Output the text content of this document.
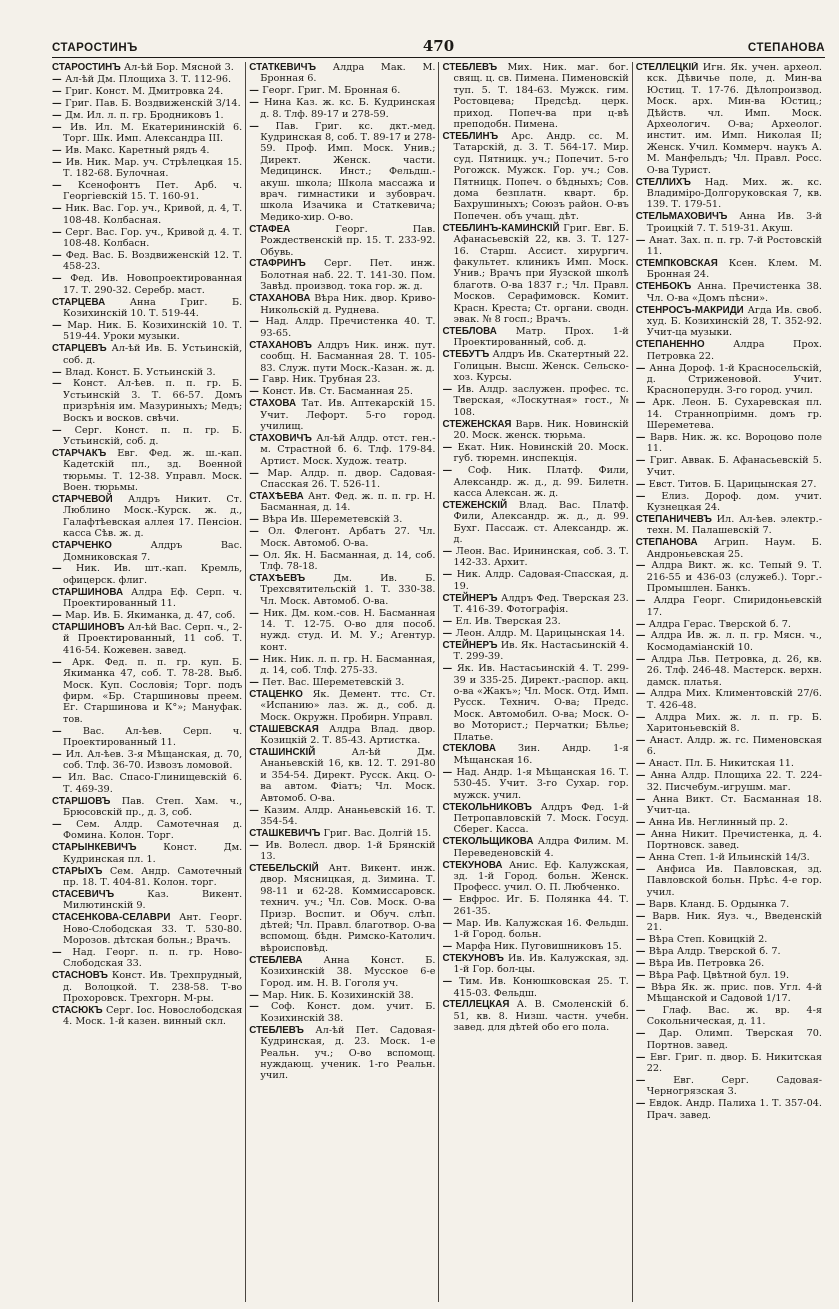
СТАРОСТИНЪ	470	СТЕПАНОВА

СТАРОСТИНЪ Ал-ѣй Бор. Мясной 3.

— Ал-ѣй Дм. Площиха 3. Т. 112-96.

— Григ. Конст. М. Дмитровка 24.

— Григ. Пав. Б. Воздвиженскій 3/14.

— Дм. Ил. л. п. гр. Бродниковъ 1.

— Ив. Ил. М. Екатерининскій 6. Торг. Шк. Имп. Александра III.

— Ив. Макс. Каретный рядъ 4.

— Ив. Ник. Мар. уч. Стрѣлецкая 15. Т. 182-68. Булочная.

— Ксенофонтъ Пет. Арб. ч. Георгіевскій 15. Т. 160-91.

— Ник. Вас. Гор. уч., Кривой, д. 4, Т. 108-48. Колбасная.

— Серг. Вас. Гор. уч., Кривой д. 4. Т. 108-48. Колбасн.

— Фед. Вас. Б. Воздвиженскій 12. Т. 458-23.

— Фед. Ив. Новопроектированная 17. Т. 290-32. Серебр. маст.

СТАРЦЕВА	Анна Григ. Б. Козихинскій 10. Т. 519-44.

— Мар. Ник. Б. Козихинскій 10. Т. 519-44. Уроки музыки.

СТАРЦЕВЪ Ал-ѣй Ив. Б. Устьинскій, соб. д.

— Влад. Конст. Б. Устьинскій 3.

— Конст. Ал-ѣев. п. п. гр. Б. Устьинскій 3. Т. 66-57. Домъ призрѣнія им. Мазуриныхъ; Медъ; Воскъ и восков. свѣчи.

— Серг. Конст. п. п. гр. Б. Устьинскій, соб. д.

СТАРЧАКЪ Евг. Фед. ж. ш.-кап. Кадетскій пл., зд. Военной тюрьмы. Т. 12-38. Управл. Моск. Воен. тюрьмы.

СТАРЧЕВОЙ Алдръ Никит. Ст. Люблино Моск.-Курск. ж. д., Галафтѣевская аллея 17. Пенсіон. касса Сѣв. ж. д.

СТАРЧЕНКО	Алдръ Вас. Домниковская 7.

— Ник. Ив. шт.-кап. Кремль, офицерск. флиг.

СТАРШИНОВА Алдра Еф. Серп. ч. Проектированный 11.

— Мар. Ив. Б. Якиманка, д. 47, соб.

СТАРШИНОВЪ Ал-ѣй Вас. Серп. ч., 2-й Проектированный, 11 соб. Т. 416-54. Кожевен. завед.

— Арк. Фед. п. п. гр. куп. Б. Якиманка 47, соб. Т. 78-28. Выб. Моск. Куп. Сословія; Торг. подъ фирм. «Бр. Старшиновы преем. Ег. Старшинова и К°»; Мануфак. тов.

— Вас. Ал-ѣев. Серп. ч. Проектированный 11.

— Ил. Ал-ѣев. 3-я Мѣщанская, д. 70, соб. Тлф. 36-70. Извозъ ломовой.

— Ил. Вас. Спасо-Глинищевскій 6. Т. 469-39.

СТАРШОВЪ Пав. Степ. Хам. ч., Брюсовскій пр., д. 3, соб.

— Сем. Алдр. Самотечная д. Фомина. Колон. Торг.

СТАРЫНКЕВИЧЪ	Конст. Дм. Кудринская пл. 1.

СТАРЫХЪ Сем. Андр. Самотечный пр. 18. Т. 404-81. Колон. торг.

СТАСЕВИЧЪ	Каз. Викент. Милютинскій 9.

СТАСЕНКОВА-СЕЛАВРИ Ант. Георг. Ново-Слободская 33. Т. 530-80. Морозов. дѣтская больн.; Врачъ.

— Над. Георг. п. п. гр. Ново-Слободская 33.

СТАСНОВЪ Конст. Ив. Трехпрудный, д. Волоцкой. Т. 238-58. Т-во Прохоровск. Трехгорн. М-ры.

СТАСЮКЪ Серг. Іос. Новослободская 4. Моск. 1-й казен. винный скл.

СТАТКЕВИЧЪ Алдра Мак. М. Бронная 6.

— Георг. Григ. М. Бронная 6.

— Нина Каз. ж. кс. Б. Кудринская д. 8. Тлф. 89-17 и 278-59.

— Пав. Григ. кс. дкт.-мед. Кудринская 8, соб. Т. 89-17 и 278-59. Проф. Имп. Моск. Унив.; Директ. Женск. части. Медицинск. Инст.; Фельдш.-акуш. школа; Школа массажа и врач. гимнастики и зубоврач. школа Изачика и Статкевича; Медико-хир. О-во.

СТАФЕА	Георг. Пав. Рождественскій пр. 15. Т. 233-92. Обувь.

СТАФРИНЪ Серг. Пет. инж. Болотная наб. 22. Т. 141-30. Пом. Завѣд. производ. тока гор. ж. д.

СТАХАНОВА Вѣра Ник. двор. Криво-Никольскій д. Руднева.

— Над. Алдр. Пречистенка 40. Т. 93-65.

СТАХАНОВЪ Алдръ Ник. инж. пут. сообщ. Н. Басманная 28. Т. 105-83. Служ. пути Моск.-Казан. ж. д.

— Гавр. Ник. Трубная 23.

— Конст. Ив. Ст. Басманная 25.

СТАХОВА Тат. Ив. Аптекарскій 15. Учит. Лефорт. 5-го город. училищ.

СТАХОВИЧЪ Ал-ѣй Алдр. отст. ген.-м. Страстной б. 6. Тлф. 179-84. Артист. Моск. Худож. театр.

— Мар. Алдр. п. двор. Садовая-Спасская 26. Т. 526-11.

СТАХѢЕВА Ант. Фед. ж. п. п. гр. Н. Басманная, д. 14.

— Вѣра Ив. Шереметевскій 3.

— Ол. Флегонт. Арбатъ 27. Чл. Моск. Автомоб. О-ва.

— Ол. Як. Н. Басманная, д. 14, соб. Тлф. 78-18.

СТАХѢЕВЪ	Дм. Ив. Б. Трехсвятительскій 1. Т. 330-38. Чл. Моск. Автомоб. О-ва.

— Ник. Дм. ком.-сов. Н. Басманная 14. Т. 12-75. О-во для пособ. нужд. студ. И. М. У.; Агентур. конт.

— Ник. Ник. л. п. гр. Н. Басманная, д. 14, соб. Тлф. 275-33.

— Пет. Вас. Шереметевскій 3.

СТАЦЕНКО Як. Демент. ттс. Ст. «Испанию» лаз. ж. д., соб. д. Моск. Окружн. Пробирн. Управл.

СТАШЕВСКАЯ Алдра Влад. двор. Козицкій 2. Т. 85-43. Артистка.

СТАШИНСКІЙ	Ал-ѣй Дм. Ананьевскій 16, кв. 12. Т. 291-80 и 354-54. Директ. Русск. Акц. О-ва автом. Фіатъ; Чл. Моск. Автомоб. О-ва.

— Казим. Алдр. Ананьевскій 16. Т. 354-54.

СТАШКЕВИЧЪ Григ. Вас. Долгій 15.

— Ив. Волесл. двор. 1-й Брянскій 13.

СТЕБЕЛЬСКІЙ Ант. Викент. инж. двор. Мясницкая, д. Зимина. Т. 98-11 и 62-28. Коммиссаровск. технич. уч.; Чл. Сов. Моск. О-ва Призр. Воспит. и Обуч. слѣп. дѣтей; Чл. Правл. благотвор. О-ва вспомощ. бѣдн. Римско-Католич. вѣроисповѣд.

СТЕБЛЕВА Анна Конст. Б. Козихинскій 38. Мусское 6-е Город. им. Н. В. Гоголя уч.

— Мар. Ник. Б. Козихинскій 38.

— Соф. Конст. дом. учит. Б. Козихинскій 38.

СТЕБЛЕВЪ Ал-ѣй Пет. Садовая-Кудринская, д. 23. Моск. 1-е Реальн. уч.; О-во вспомощ. нуждающ. ученик. 1-го Реальн. учил.

СТЕБЛЕВЪ Мих. Ник. маг. бог. свящ. ц. св. Пимена. Пименовскій туп. 5. Т. 184-63. Мужск. гим. Ростовцева; Предсѣд. церк. приход. Попеч-ва при ц-вѣ преподобн. Пимена.

СТЕБЛИНЪ Арс. Андр. сс. М. Татарскій, д. 3. Т. 564-17. Мир. суд. Пятницк. уч.; Попечит. 5-го Рогожск. Мужск. Гор. уч.; Сов. Пятницк. Попеч. о бѣдныхъ; Сов. дома безплатн. кварт. бр. Бахрушиныхъ; Союзъ район. О-въ Попечен. объ учащ. дѣт.

СТЕБЛИНЪ-КАМИНСКІЙ Григ. Евг. Б. Афанасьевскій 22, кв. 3. Т. 127-16. Старш. Ассист. хирургич. факультет. клиникъ Имп. Моск. Унив.; Врачъ при Яузской школѣ благотв. О-ва 1837 г.; Чл. Правл. Москов. Серафимовск. Комит. Красн. Креста; Ст. органи. сводн. эвак. № 8 госп.; Врачъ.

СТЕБЛОВА Матр. Прох. 1-й Проектированный, соб. д.

СТЕБУТЪ Алдръ Ив. Скатертный 22. Голицын. Высш. Женск. Сельско-хоз. Курсы.

— Ив. Алдр. заслужен. профес. тс. Тверская, «Лоскутная» гост., № 108.

СТЕЖЕНСКАЯ Варв. Ник. Новинскій 20. Моск. женск. тюрьма.

— Екат. Ник. Новинскій 20. Моск. губ. тюремн. инспекція.

— Соф. Ник. Платф. Фили, Александр. ж. д., д. 99. Билетн. касса Алексан. ж. д.

СТЕЖЕНСКІЙ Влад. Вас. Платф. Фили, Александр. ж. д., д. 99. Бухг. Пассаж. ст. Александр. ж. д.

— Леон. Вас. Ирининская, соб. 3. Т. 142-33. Архит.

— Ник. Алдр. Садовая-Спасская, д. 19.

СТЕЙНЕРЪ Алдръ Фед. Тверская 23. Т. 416-39. Фотографія.

— Ел. Ив. Тверская 23.

— Леон. Алдр. М. Царицынская 14.

СТЕЙНЕРЪ Ив. Як. Настасьинскій 4. Т. 299-39.

— Як. Ив. Настасьинскій 4. Т. 299-39 и 335-25. Директ.-распор. акц. о-ва «Жакъ»; Чл. Моск. Отд. Имп. Русск. Технич. О-ва; Предс. Моск. Автомобил. О-ва; Моск. О-во Моторист.; Перчатки; Бѣлье; Платье.

СТЕКЛОВА Зин. Андр. 1-я Мѣщанская 16.

— Над. Андр. 1-я Мѣщанская 16. Т. 530-45. Учит. 3-го Сухар. гор. мужск. учил.

СТЕКОЛЬНИКОВЪ Алдръ Фед. 1-й Петропавловскій 7. Моск. Госуд. Сберег. Касса.

СТЕКОЛЬЩИКОВА Алдра Филим. М. Переведеновскій 4.

СТЕКУНОВА Анис. Еф. Калужская, зд. 1-й Город. больн. Женск. Професс. учил. О. П. Любченко.

— Евфрос. Иг. Б. Полянка 44. Т. 261-35.

— Мар. Ив. Калужская 16. Фельдш. 1-й Город. больн.

— Марфа Ник. Пуговишниковъ 15.

СТЕКУНОВЪ Ив. Ив. Калужская, зд. 1-й Гор. бол-цы.

— Тим. Ив. Конюшковская 25. Т. 415-03. Фельдш.

СТЕЛЛЕЦКАЯ А. В. Смоленскій б. 51, кв. 8. Низш. частн. учебн. завед. для дѣтей обо его пола.

СТЕЛЛЕЦКІЙ Игн. Як. учен. археол. кск. Дѣвичье поле, д. Мин-ва Юстиц. Т. 17-76. Дѣлопроизвод. Моск. арх. Мин-ва Юстиц.; Дѣйств. чл. Имп. Моск. Археологич. О-ва; Археолог. инстит. им. Имп. Николая II; Женск. Учил. Коммерч. наукъ А. М. Манфельдъ; Чл. Правл. Росс. О-ва Турист.

СТЕЛЛИХЪ Над. Мих. ж. кс. Владиміро-Долгоруковская 7, кв. 139. Т. 179-51.

СТЕЛЬМАХОВИЧЪ Анна Ив. 3-й Троицкій 7. Т. 519-31. Акуш.

— Анат. Зах. п. п. гр. 7-й Ростовскій 11.

СТЕМПКОВСКАЯ Ксен. Клем. М. Бронная 24.

СТЕНБОКЪ Анна. Пречистенка 38. Чл. О-ва «Домъ пѣсни».

СТЕНРОСЪ-МАКРИДИ Агда Ив. своб. худ. Б. Козихинскій 28, Т. 352-92. Учит-ца музыки.

СТЕПАНЕННО	Алдра Прох. Петровка 22.

— Анна Дороф. 1-й Красносельскій, д. Стриженовой. Учит. Красноперудн. 3-го город. учил.

— Арк. Леон. Б. Сухаревская пл. 14. Страннопріимн. домъ гр. Шереметева.

— Варв. Ник. ж. кс. Вороцово поле 11.

— Григ. Аввак. Б. Афанасьевскій 5. Учит.

— Евст. Титов. Б. Царицынская 27.

— Елиз. Дороф. дом. учит. Кузнецкая 24.

СТЕПАНИЧЕВЪ Ил. Ал-ѣев. электр.-техн. М. Палашевскій 7.

СТЕПАНОВА Агрип. Наум. Б. Андроньевская 25.

— Алдра Викт. ж. кс. Тепый 9. Т. 216-55 и 436-03 (служеб.). Торг.-Промышлен. Банкъ.

— Алдра Георг. Спиридоньевскій 17.

— Алдра Герас. Тверской б. 7.

— Алдра Ив. ж. л. п. гр. Мясн. ч., Космодаміанскій 10.

— Алдра Льв. Петровка, д. 26, кв. 26. Тлф. 246-48. Мастерск. верхн. дамск. платья.

— Алдра Мих. Климентовскій 27/6. Т. 426-48.

— Алдра Мих. ж. л. п. гр. Б. Харитоньевскій 8.

— Анаст. Алдр. ж. гс. Пименовская 6.

— Анаст. Пл. Б. Никитская 11.

— Анна Алдр. Площиха 22. Т. 224-32. Писчебум.-игрушм. маг.

— Анна Викт. Ст. Басманная 18. Учит-ца.

— Анна Ив. Неглинный пр. 2.

— Анна Никит. Пречистенка, д. 4. Портновск. завед.

— Анна Степ. 1-й Ильинскій 14/3.

— Анфиса Ив. Павловская, зд. Павловской больн. Прѣс. 4-е гор. учил.

— Варв. Кланд. Б. Ордынка 7.

— Варв. Ник. Яуз. ч., Введенскій 21.

— Вѣра Степ. Ковицкій 2.

— Вѣра Алдр. Тверской б. 7.

— Вѣра Ив. Петровка 26.

— Вѣра Раф. Цвѣтной бул. 19.

— Вѣра Як. ж. прис. пов. Угл. 4-й Мѣщанской и Садовой 1/17.

— Глаф. Вас. ж. вр. 4-я Сокольническая, д. 11.

— Дар. Олимп. Тверская 70. Портнов. завед.

— Евг. Григ. п. двор. Б. Никитская 22.

— Евг. Серг. Садовая-Черногрязская 3.

— Евдок. Андр. Палиха 1. Т. 357-04. Прач. завед.
